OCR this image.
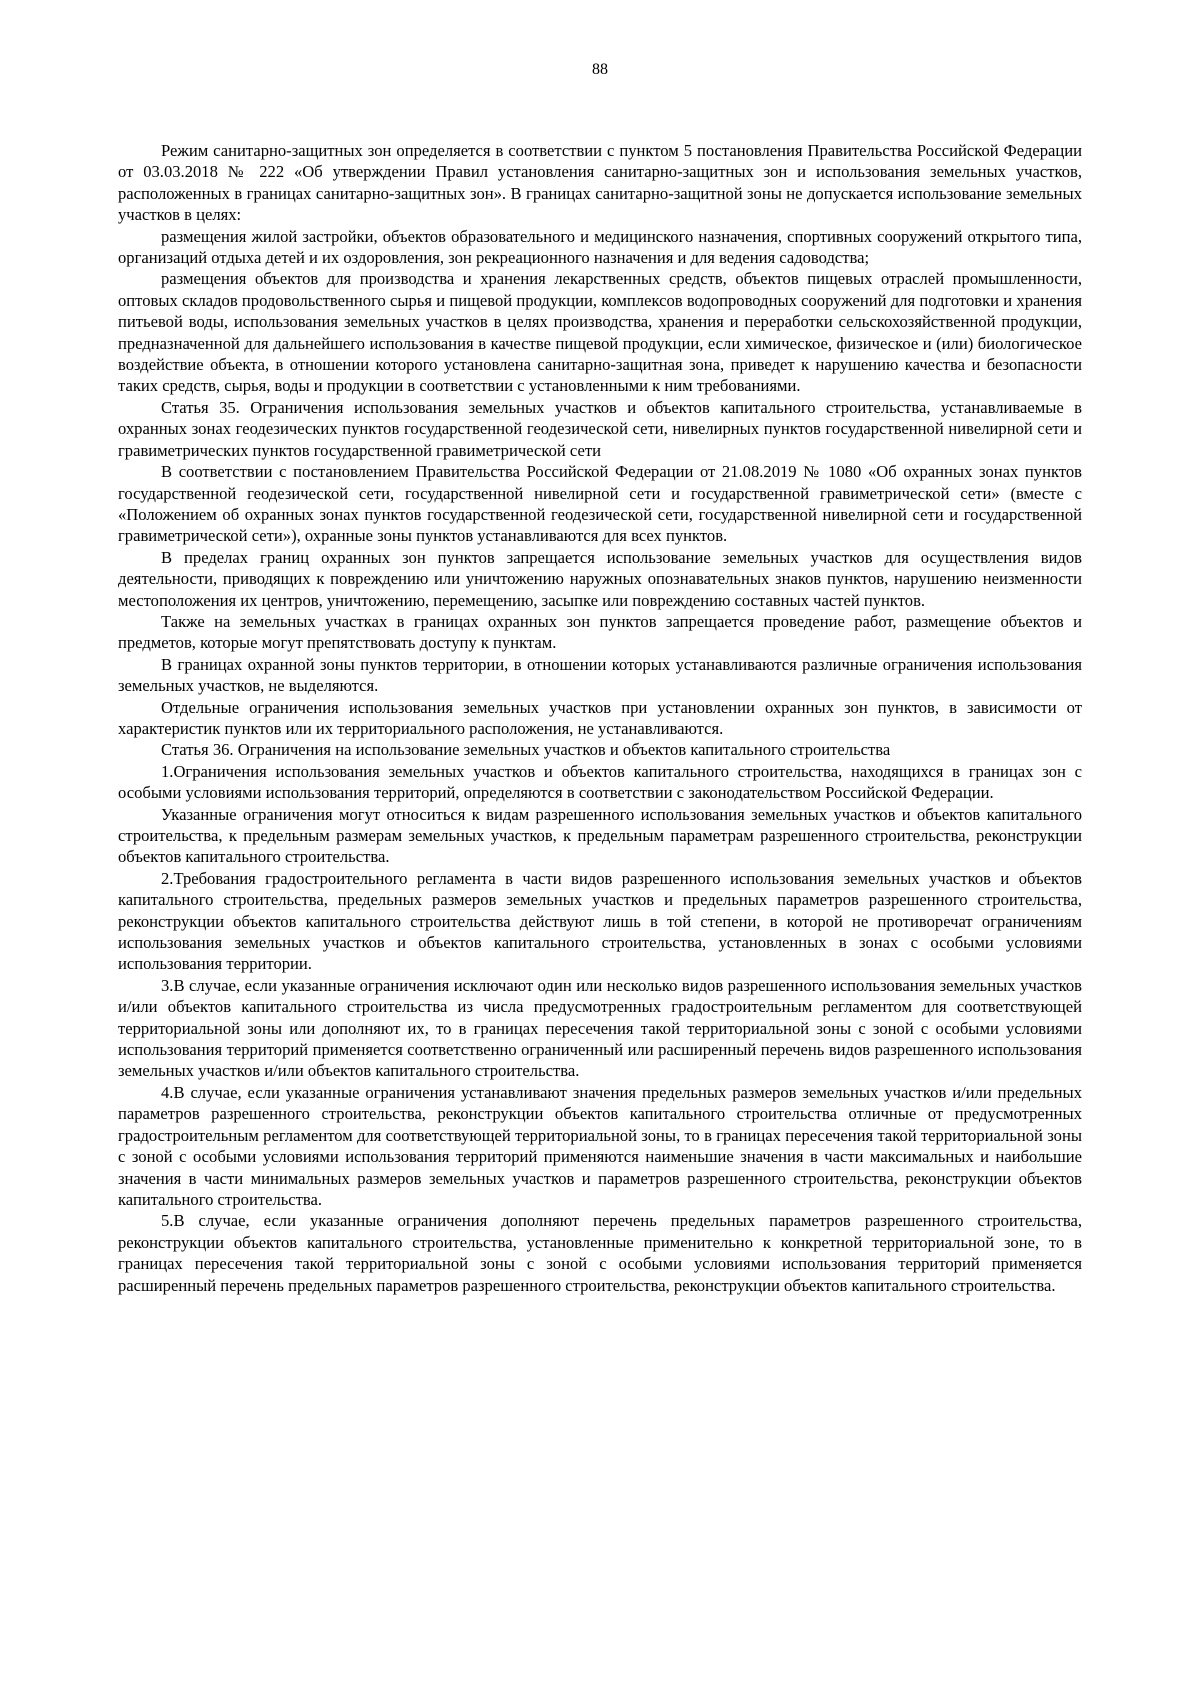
88

Режим санитарно-защитных зон определяется в соответствии с пунктом 5 постановления Правительства Российской Федерации от 03.03.2018 № 222 «Об утверждении Правил установления санитарно-защитных зон и использования земельных участков, расположенных в границах санитарно-защитных зон». В границах санитарно-защитной зоны не допускается использование земельных участков в целях:

размещения жилой застройки, объектов образовательного и медицинского назначения, спортивных сооружений открытого типа, организаций отдыха детей и их оздоровления, зон рекреационного назначения и для ведения садоводства;

размещения объектов для производства и хранения лекарственных средств, объектов пищевых отраслей промышленности, оптовых складов продовольственного сырья и пищевой продукции, комплексов водопроводных сооружений для подготовки и хранения питьевой воды, использования земельных участков в целях производства, хранения и переработки сельскохозяйственной продукции, предназначенной для дальнейшего использования в качестве пищевой продукции, если химическое, физическое и (или) биологическое воздействие объекта, в отношении которого установлена санитарно-защитная зона, приведет к нарушению качества и безопасности таких средств, сырья, воды и продукции в соответствии с установленными к ним требованиями.

Статья 35. Ограничения использования земельных участков и объектов капитального строительства, устанавливаемые в охранных зонах геодезических пунктов государственной геодезической сети, нивелирных пунктов государственной нивелирной сети и гравиметрических пунктов государственной гравиметрической сети

В соответствии с постановлением Правительства Российской Федерации от 21.08.2019 № 1080 «Об охранных зонах пунктов государственной геодезической сети, государственной нивелирной сети и государственной гравиметрической сети» (вместе с «Положением об охранных зонах пунктов государственной геодезической сети, государственной нивелирной сети и государственной гравиметрической сети»), охранные зоны пунктов устанавливаются для всех пунктов.

В пределах границ охранных зон пунктов запрещается использование земельных участков для осуществления видов деятельности, приводящих к повреждению или уничтожению наружных опознавательных знаков пунктов, нарушению неизменности местоположения их центров, уничтожению, перемещению, засыпке или повреждению составных частей пунктов.

Также на земельных участках в границах охранных зон пунктов запрещается проведение работ, размещение объектов и предметов, которые могут препятствовать доступу к пунктам.

В границах охранной зоны пунктов территории, в отношении которых устанавливаются различные ограничения использования земельных участков, не выделяются.

Отдельные ограничения использования земельных участков при установлении охранных зон пунктов, в зависимости от характеристик пунктов или их территориального расположения, не устанавливаются.

Статья 36. Ограничения на использование земельных участков и объектов капитального строительства

1.Ограничения использования земельных участков и объектов капитального строительства, находящихся в границах зон с особыми условиями использования территорий, определяются в соответствии с законодательством Российской Федерации.

Указанные ограничения могут относиться к видам разрешенного использования земельных участков и объектов капитального строительства, к предельным размерам земельных участков, к предельным параметрам разрешенного строительства, реконструкции объектов капитального строительства.

2.Требования градостроительного регламента в части видов разрешенного использования земельных участков и объектов капитального строительства, предельных размеров земельных участков и предельных параметров разрешенного строительства, реконструкции объектов капитального строительства действуют лишь в той степени, в которой не противоречат ограничениям использования земельных участков и объектов капитального строительства, установленных в зонах с особыми условиями использования территории.

3.В случае, если указанные ограничения исключают один или несколько видов разрешенного использования земельных участков и/или объектов капитального строительства из числа предусмотренных градостроительным регламентом для соответствующей территориальной зоны или дополняют их, то в границах пересечения такой территориальной зоны с зоной с особыми условиями использования территорий применяется соответственно ограниченный или расширенный перечень видов разрешенного использования земельных участков и/или объектов капитального строительства.

4.В случае, если указанные ограничения устанавливают значения предельных размеров земельных участков и/или предельных параметров разрешенного строительства, реконструкции объектов капитального строительства отличные от предусмотренных градостроительным регламентом для соответствующей территориальной зоны, то в границах пересечения такой территориальной зоны с зоной с особыми условиями использования территорий применяются наименьшие значения в части максимальных и наибольшие значения в части минимальных размеров земельных участков и параметров разрешенного строительства, реконструкции объектов капитального строительства.

5.В случае, если указанные ограничения дополняют перечень предельных параметров разрешенного строительства, реконструкции объектов капитального строительства, установленные применительно к конкретной территориальной зоне, то в границах пересечения такой территориальной зоны с зоной с особыми условиями использования территорий применяется расширенный перечень предельных параметров разрешенного строительства, реконструкции объектов капитального строительства.
